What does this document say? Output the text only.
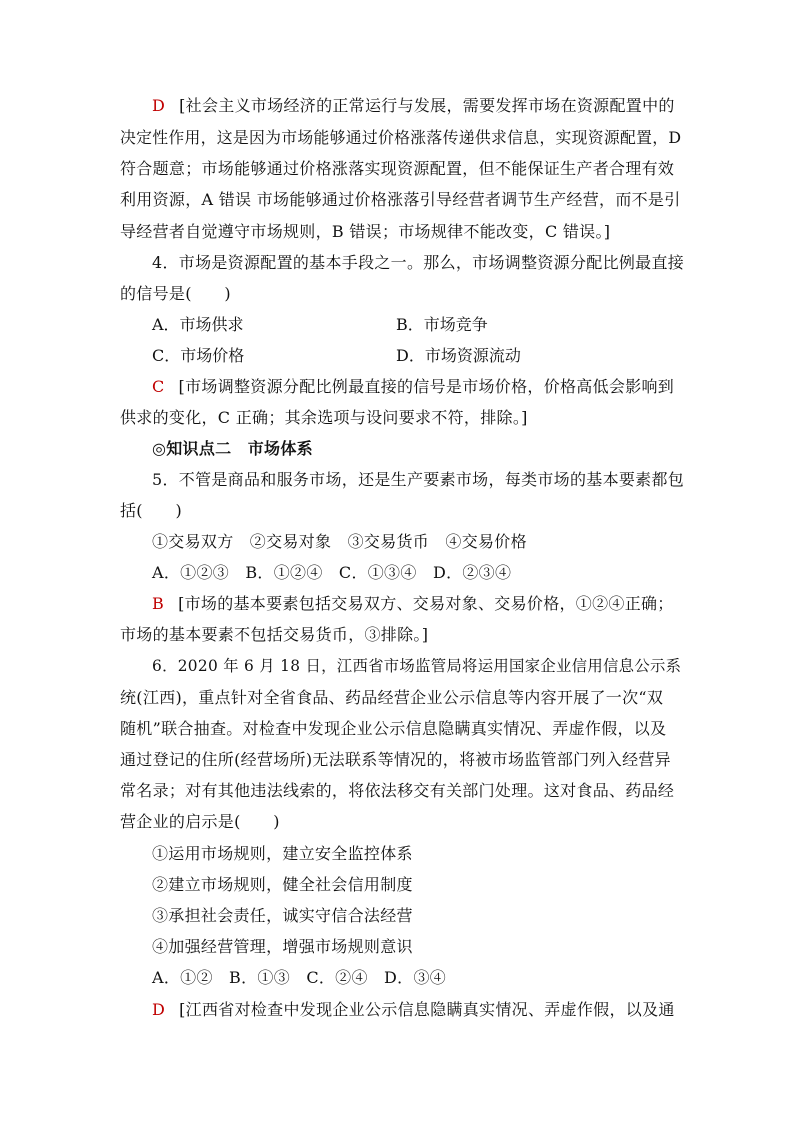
D [社会主义市场经济的正常运行与发展，需要发挥市场在资源配置中的
决定性作用，这是因为市场能够通过价格涨落传递供求信息，实现资源配置，D
符合题意；市场能够通过价格涨落实现资源配置，但不能保证生产者合理有效
利用资源，A 错误 市场能够通过价格涨落引导经营者调节生产经营，而不是引
导经营者自觉遵守市场规则，B 错误；市场规律不能改变，C 错误。]
4．市场是资源配置的基本手段之一。那么，市场调整资源分配比例最直接
的信号是(　　)
A．市场供求	B．市场竞争
C．市场价格	D．市场资源流动
C [市场调整资源分配比例最直接的信号是市场价格，价格高低会影响到
供求的变化，C 正确；其余选项与设问要求不符，排除。]
◎知识点二　市场体系
5．不管是商品和服务市场，还是生产要素市场，每类市场的基本要素都包
括(　　)
①交易双方　②交易对象　③交易货币　④交易价格
A．①②③　B．①②④　C．①③④　D．②③④
B [市场的基本要素包括交易双方、交易对象、交易价格，①②④正确；
市场的基本要素不包括交易货币，③排除。]
6．2020 年 6 月 18 日，江西省市场监管局将运用国家企业信用信息公示系
统(江西)，重点针对全省食品、药品经营企业公示信息等内容开展了一次“双
随机”联合抽查。对检查中发现企业公示信息隐瞒真实情况、弄虚作假，以及
通过登记的住所(经营场所)无法联系等情况的，将被市场监管部门列入经营异
常名录；对有其他违法线索的，将依法移交有关部门处理。这对食品、药品经
营企业的启示是(　　)
①运用市场规则，建立安全监控体系
②建立市场规则，健全社会信用制度
③承担社会责任，诚实守信合法经营
④加强经营管理，增强市场规则意识
A．①②　B．①③　C．②④　D．③④
D [江西省对检查中发现企业公示信息隐瞒真实情况、弄虚作假，以及通
